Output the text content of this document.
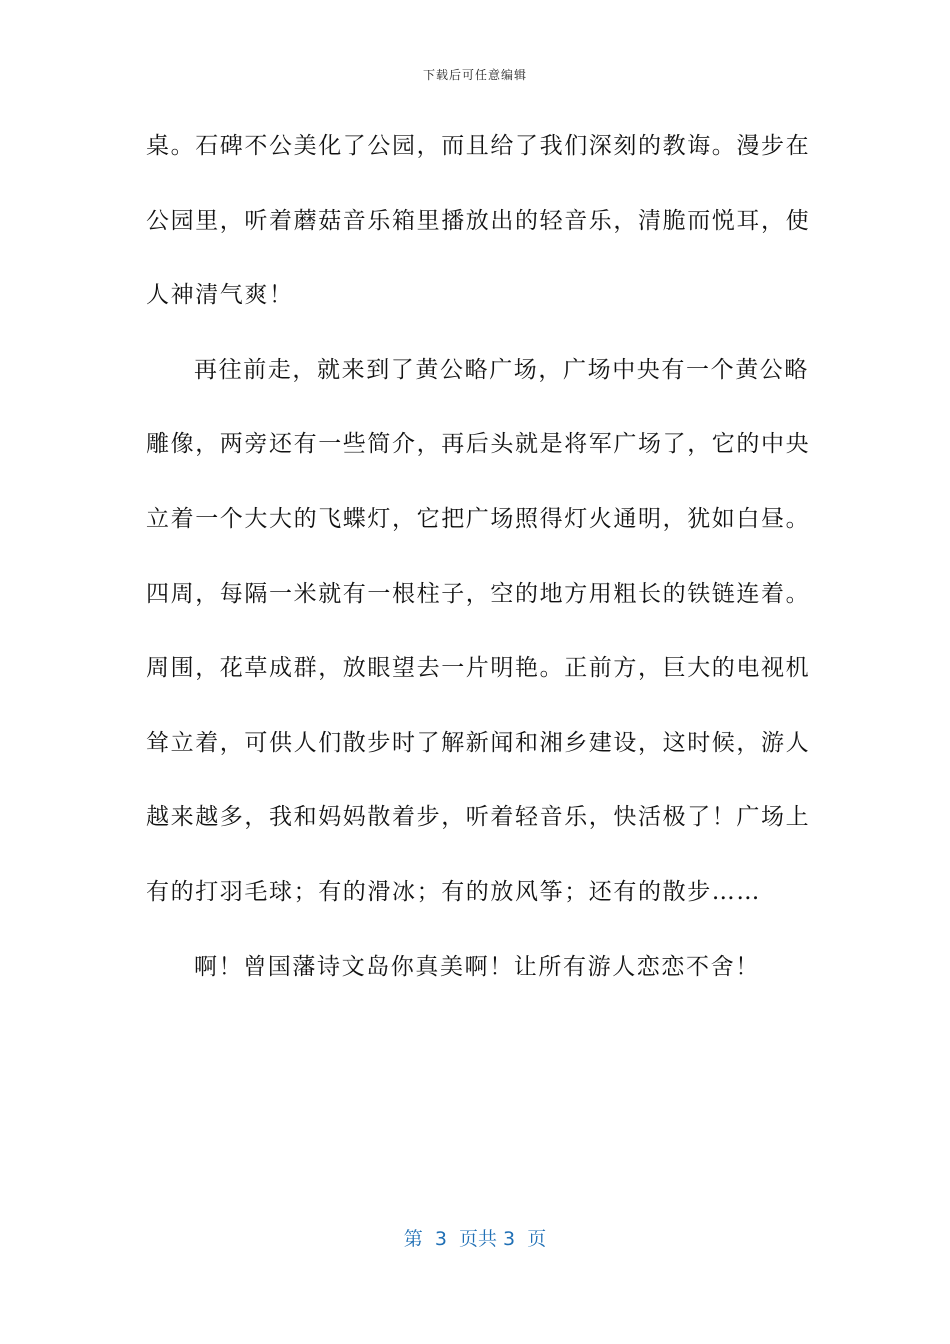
下载后可任意编辑
桌。石碑不公美化了公园，而且给了我们深刻的教诲。漫步在
公园里，听着蘑菇音乐箱里播放出的轻音乐，清脆而悦耳，使
人神清气爽！
再往前走，就来到了黄公略广场，广场中央有一个黄公略
雕像，两旁还有一些简介，再后头就是将军广场了，它的中央
立着一个大大的飞蝶灯，它把广场照得灯火通明，犹如白昼。
四周，每隔一米就有一根柱子，空的地方用粗长的铁链连着。
周围，花草成群，放眼望去一片明艳。正前方，巨大的电视机
耸立着，可供人们散步时了解新闻和湘乡建设，这时候，游人
越来越多，我和妈妈散着步，听着轻音乐，快活极了！广场上
有的打羽毛球；有的滑冰；有的放风筝；还有的散步……
啊！曾国藩诗文岛你真美啊！让所有游人恋恋不舍！
第  3  页共 3  页
